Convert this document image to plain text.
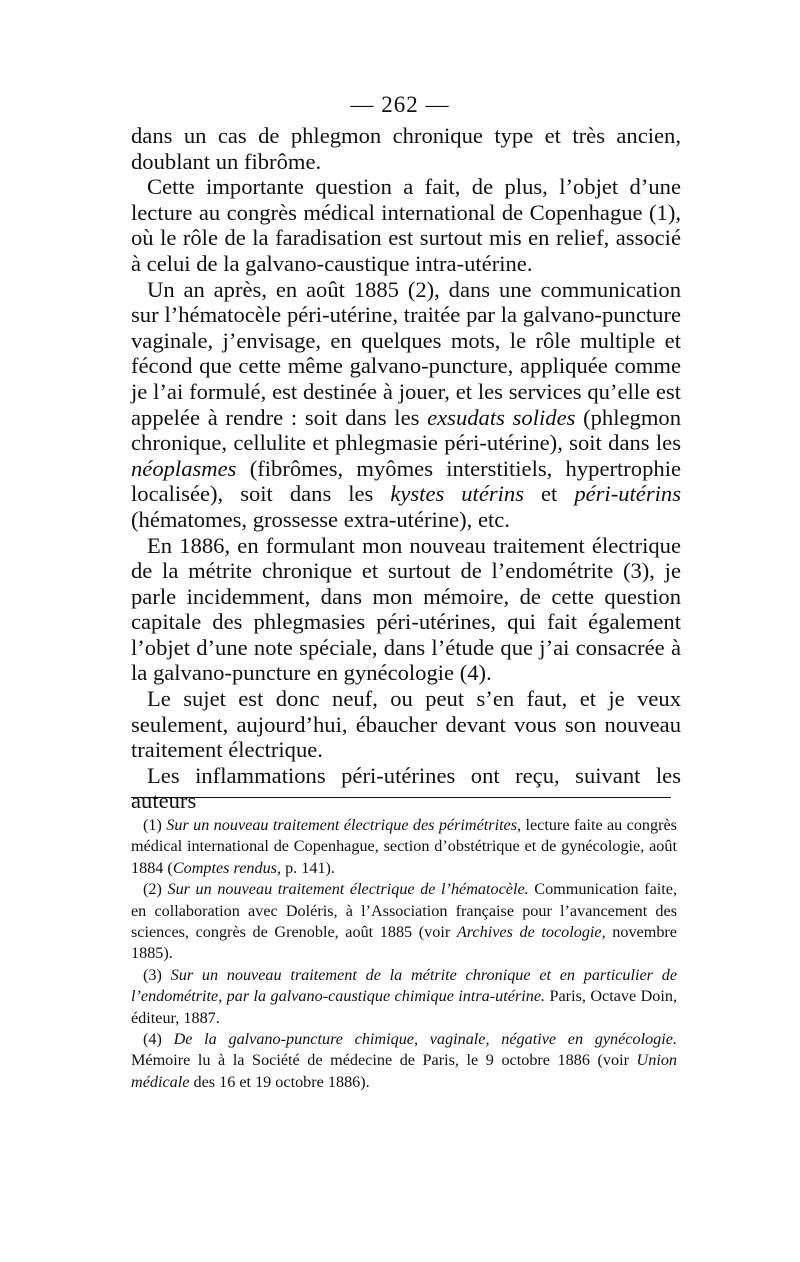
— 262 —

dans un cas de phlegmon chronique type et très ancien, doublant un fibrôme.

Cette importante question a fait, de plus, l’objet d’une lecture au congrès médical international de Copenhague (1), où le rôle de la faradisation est surtout mis en relief, associé à celui de la galvano-caustique intra-utérine.

Un an après, en août 1885 (2), dans une communication sur l’hématocèle péri-utérine, traitée par la galvano-puncture vaginale, j’envisage, en quelques mots, le rôle multiple et fécond que cette même galvano-puncture, appliquée comme je l’ai formulé, est destinée à jouer, et les services qu’elle est appelée à rendre : soit dans les exsudats solides (phlegmon chronique, cellulite et phlegmasie péri-utérine), soit dans les néoplasmes (fibrômes, myômes interstitiels, hypertrophie localisée), soit dans les kystes utérins et péri-utérins (hématomes, grossesse extra-utérine), etc.

En 1886, en formulant mon nouveau traitement électrique de la métrite chronique et surtout de l’endométrite (3), je parle incidemment, dans mon mémoire, de cette question capitale des phlegmasies péri-utérines, qui fait également l’objet d’une note spéciale, dans l’étude que j’ai consacrée à la galvano-puncture en gynécologie (4).

Le sujet est donc neuf, ou peut s’en faut, et je veux seulement, aujourd’hui, ébaucher devant vous son nouveau traitement électrique.

Les inflammations péri-utérines ont reçu, suivant les auteurs

(1) Sur un nouveau traitement électrique des périmétrites, lecture faite au congrès médical international de Copenhague, section d’obstétrique et de gynécologie, août 1884 (Comptes rendus, p. 141).

(2) Sur un nouveau traitement électrique de l’hématocèle. Communication faite, en collaboration avec Doléris, à l’Association française pour l’avancement des sciences, congrès de Grenoble, août 1885 (voir Archives de tocologie, novembre 1885).

(3) Sur un nouveau traitement de la métrite chronique et en particulier de l’endométrite, par la galvano-caustique chimique intra-utérine. Paris, Octave Doin, éditeur, 1887.

(4) De la galvano-puncture chimique, vaginale, négative en gynécologie. Mémoire lu à la Société de médecine de Paris, le 9 octobre 1886 (voir Union médicale des 16 et 19 octobre 1886).
